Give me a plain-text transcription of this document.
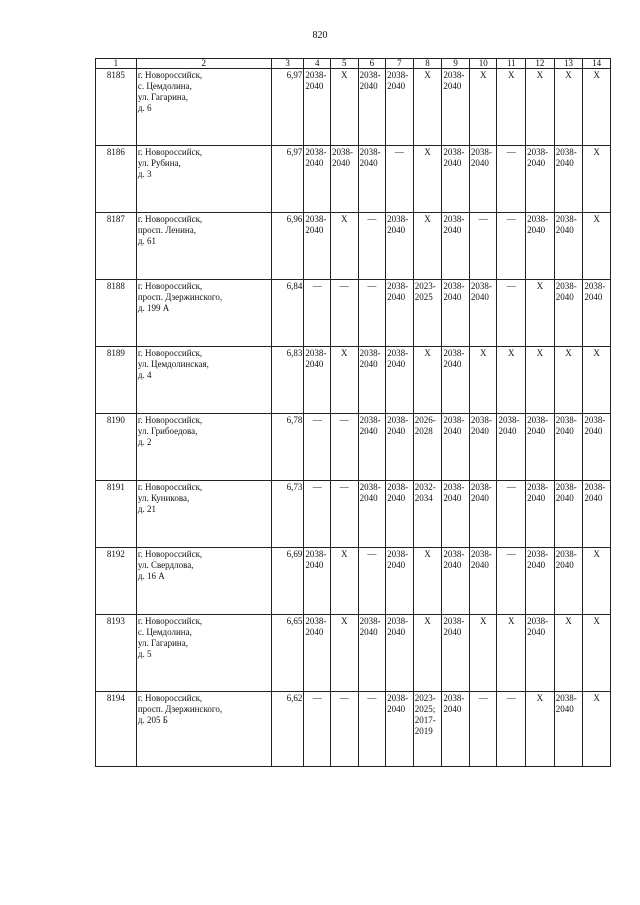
820
1	2	3	4	5	6	7	8	9	10	11	12	13	14
8185	г. Новороссийск,
с. Цемдолина,
ул. Гагарина,
д. 6	6,97	2038-2040	X	2038-2040	2038-2040	X	2038-2040	X	X	X	X	X
8186	г. Новороссийск,
ул. Рубина,
д. 3	6,97	2038-2040	2038-2040	2038-2040	—	X	2038-2040	2038-2040	—	2038-2040	2038-2040	X
8187	г. Новороссийск,
просп. Ленина,
д. 61	6,96	2038-2040	X	—	2038-2040	X	2038-2040	—	—	2038-2040	2038-2040	X
8188	г. Новороссийск,
просп. Дзержинского,
д. 199 А	6,84	—	—	—	2038-2040	2023-2025	2038-2040	2038-2040	—	X	2038-2040	2038-2040
8189	г. Новороссийск,
ул. Цемдолинская,
д. 4	6,83	2038-2040	X	2038-2040	2038-2040	X	2038-2040	X	X	X	X	X
8190	г. Новороссийск,
ул. Грибоедова,
д. 2	6,78	—	—	2038-2040	2038-2040	2026-2028	2038-2040	2038-2040	2038-2040	2038-2040	2038-2040	2038-2040
8191	г. Новороссийск,
ул. Куникова,
д. 21	6,73	—	—	2038-2040	2038-2040	2032-2034	2038-2040	2038-2040	—	2038-2040	2038-2040	2038-2040
8192	г. Новороссийск,
ул. Свердлова,
д. 16 А	6,69	2038-2040	X	—	2038-2040	X	2038-2040	2038-2040	—	2038-2040	2038-2040	X
8193	г. Новороссийск,
с. Цемдолина,
ул. Гагарина,
д. 5	6,65	2038-2040	X	2038-2040	2038-2040	X	2038-2040	X	X	2038-2040	X	X
8194	г. Новороссийск,
просп. Дзержинского,
д. 205 Б	6,62	—	—	—	2038-2040	2023-2025; 2017-2019	2038-2040	—	—	X	2038-2040	X
